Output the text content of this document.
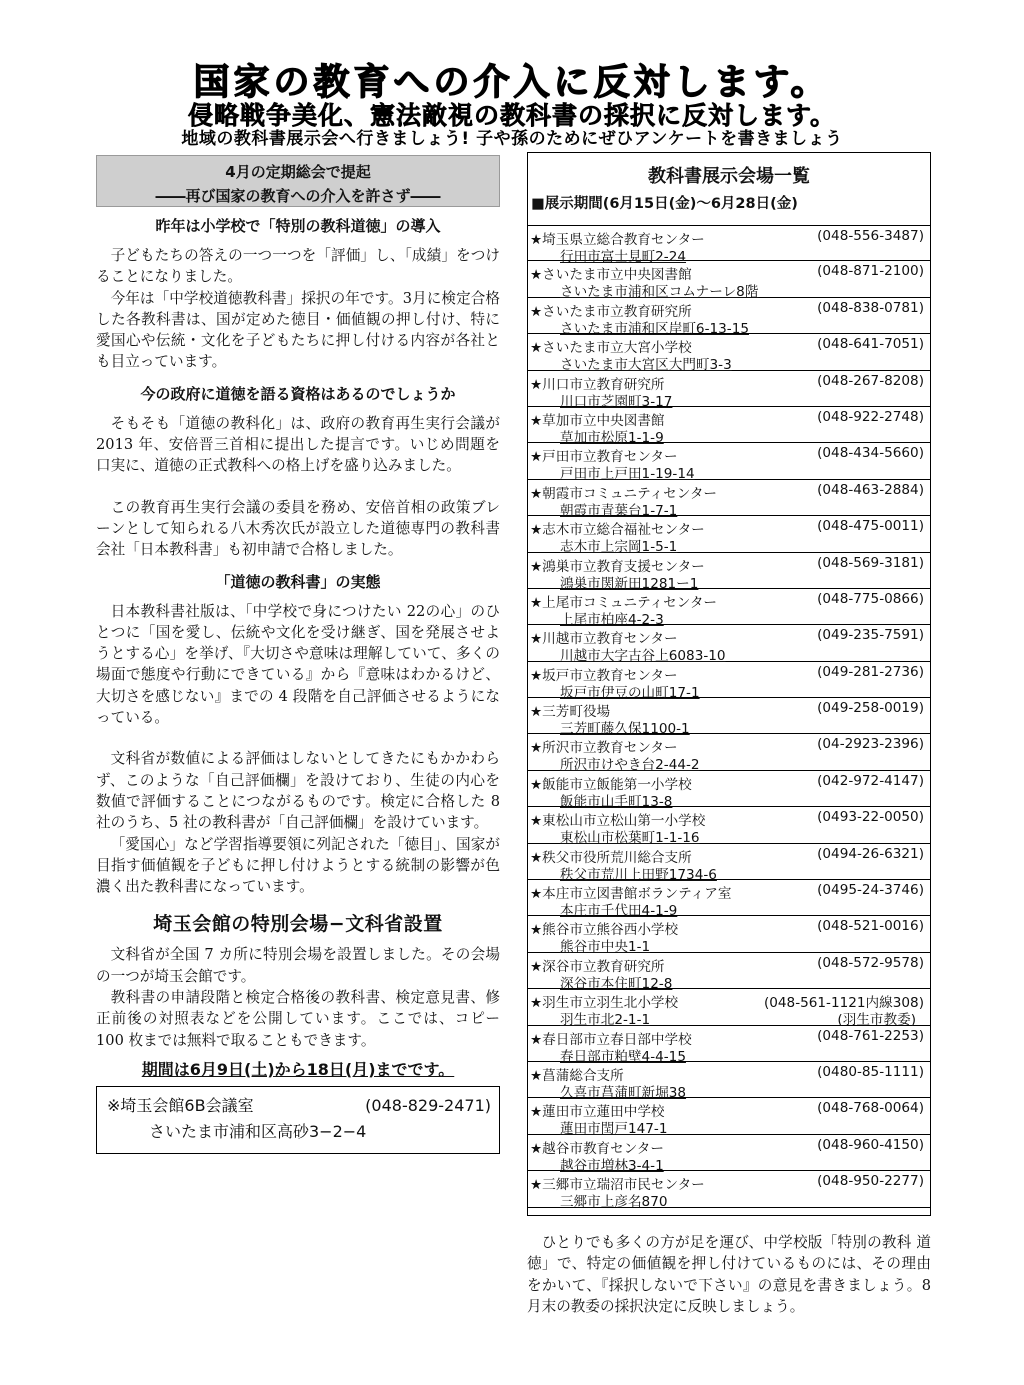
国家の教育への介入に反対します。
侵略戦争美化、憲法敵視の教科書の採択に反対します。
地域の教科書展示会へ行きましょう! 子や孫のためにぜひアンケートを書きましょう
4月の定期総会で提起
――再び国家の教育への介入を許さず――
昨年は小学校で「特別の教科道徳」の導入

子どもたちの答えの一つ一つを「評価」し、「成績」をつけることになりました。

今年は「中学校道徳教科書」採択の年です。3月に検定合格した各教科書は、国が定めた徳目・価値観の押し付け、特に愛国心や伝統・文化を子どもたちに押し付ける内容が各社とも目立っています。

今の政府に道徳を語る資格はあるのでしょうか

そもそも「道徳の教科化」は、政府の教育再生実行会議が 2013 年、安倍晋三首相に提出した提言です。いじめ問題を口実に、道徳の正式教科への格上げを盛り込みました。

この教育再生実行会議の委員を務め、安倍首相の政策ブレーンとして知られる八木秀次氏が設立した道徳専門の教科書会社「日本教科書」も初申請で合格しました。

「道徳の教科書」の実態

日本教科書社版は、「中学校で身につけたい 22の心」のひとつに「国を愛し、伝統や文化を受け継ぎ、国を発展させようとする心」を挙げ、『大切さや意味は理解していて、多くの場面で態度や行動にできている』から『意味はわかるけど、大切さを感じない』までの 4 段階を自己評価させるようになっている。

文科省が数値による評価はしないとしてきたにもかかわらず、このような「自己評価欄」を設けており、生徒の内心を数値で評価することにつながるものです。検定に合格した 8 社のうち、5 社の教科書が「自己評価欄」を設けています。

「愛国心」など学習指導要領に列記された「徳目」、国家が目指す価値観を子どもに押し付けようとする統制の影響が色濃く出た教科書になっています。

埼玉会館の特別会場−文科省設置

文科省が全国 7 カ所に特別会場を設置しました。その会場の一つが埼玉会館です。

教科書の申請段階と検定合格後の教科書、検定意見書、修正前後の対照表などを公開しています。ここでは、コピー 100 枚までは無料で取ることもできます。

期間は6月9日(土)から18日(月)までです。
※埼玉会館6B会議室	(048-829-2471)
さいたま市浦和区高砂3−2−4
教科書展示会場一覧
■展示期間(6月15日(金)〜6月28日(金)
★埼玉県立総合教育センター	(048-556-3487)
行田市富士見町2-24
★さいたま市立中央図書館	(048-871-2100)
さいたま市浦和区コムナーレ8階
★さいたま市立教育研究所	(048-838-0781)
さいたま市浦和区岸町6-13-15
★さいたま市立大宮小学校	(048-641-7051)
さいたま市大宮区大門町3-3
★川口市立教育研究所	(048-267-8208)
川口市芝園町3-17
★草加市立中央図書館	(048-922-2748)
草加市松原1-1-9
★戸田市立教育センター	(048-434-5660)
戸田市上戸田1-19-14
★朝霞市コミュニティセンター	(048-463-2884)
朝霞市青葉台1-7-1
★志木市立総合福祉センター	(048-475-0011)
志木市上宗岡1-5-1
★鴻巣市立教育支援センター	(048-569-3181)
鴻巣市関新田1281ー1
★上尾市コミュニティセンター	(048-775-0866)
上尾市柏座4-2-3
★川越市立教育センター	(049-235-7591)
川越市大字古谷上6083-10
★坂戸市立教育センター	(049-281-2736)
坂戸市伊豆の山町17-1
★三芳町役場	(049-258-0019)
三芳町藤久保1100-1
★所沢市立教育センター	(04-2923-2396)
所沢市けやき台2-44-2
★飯能市立飯能第一小学校	(042-972-4147)
飯能市山手町13-8
★東松山市立松山第一小学校	(0493-22-0050)
東松山市松葉町1-1-16
★秩父市役所荒川総合支所	(0494-26-6321)
秩父市荒川上田野1734-6
★本庄市立図書館ボランティア室	(0495-24-3746)
本庄市千代田4-1-9
★熊谷市立熊谷西小学校	(048-521-0016)
熊谷市中央1-1
★深谷市立教育研究所	(048-572-9578)
深谷市本住町12-8
★羽生市立羽生北小学校	(048-561-1121内線308)
羽生市北2-1-1	(羽生市教委)
★春日部市立春日部中学校	(048-761-2253)
春日部市粕壁4-4-15
★菖蒲総合支所	(0480-85-1111)
久喜市菖蒲町新堀38
★蓮田市立蓮田中学校	(048-768-0064)
蓮田市閏戸147-1
★越谷市教育センター	(048-960-4150)
越谷市増林3-4-1
★三郷市立瑞沼市民センター	(048-950-2277)
三郷市上彦名870

ひとりでも多くの方が足を運び、中学校版「特別の教科 道徳」で、特定の価値観を押し付けているものには、その理由をかいて、『採択しないで下さい』の意見を書きましょう。8 月末の教委の採択決定に反映しましょう。
